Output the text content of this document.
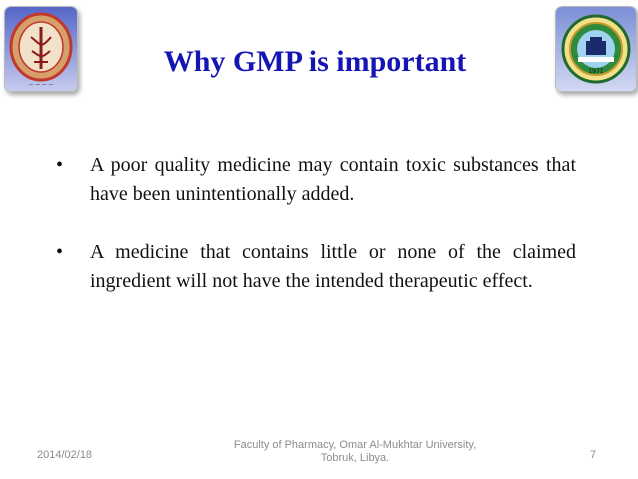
— — — —
1971
Why GMP is important
• A poor quality medicine may contain toxic substances that have been unintentionally added.
• A medicine that contains little or none of the claimed ingredient will not have the intended therapeutic effect.
2014/02/18
Faculty of Pharmacy, Omar Al-Mukhtar University,
Tobruk, Libya.	7
